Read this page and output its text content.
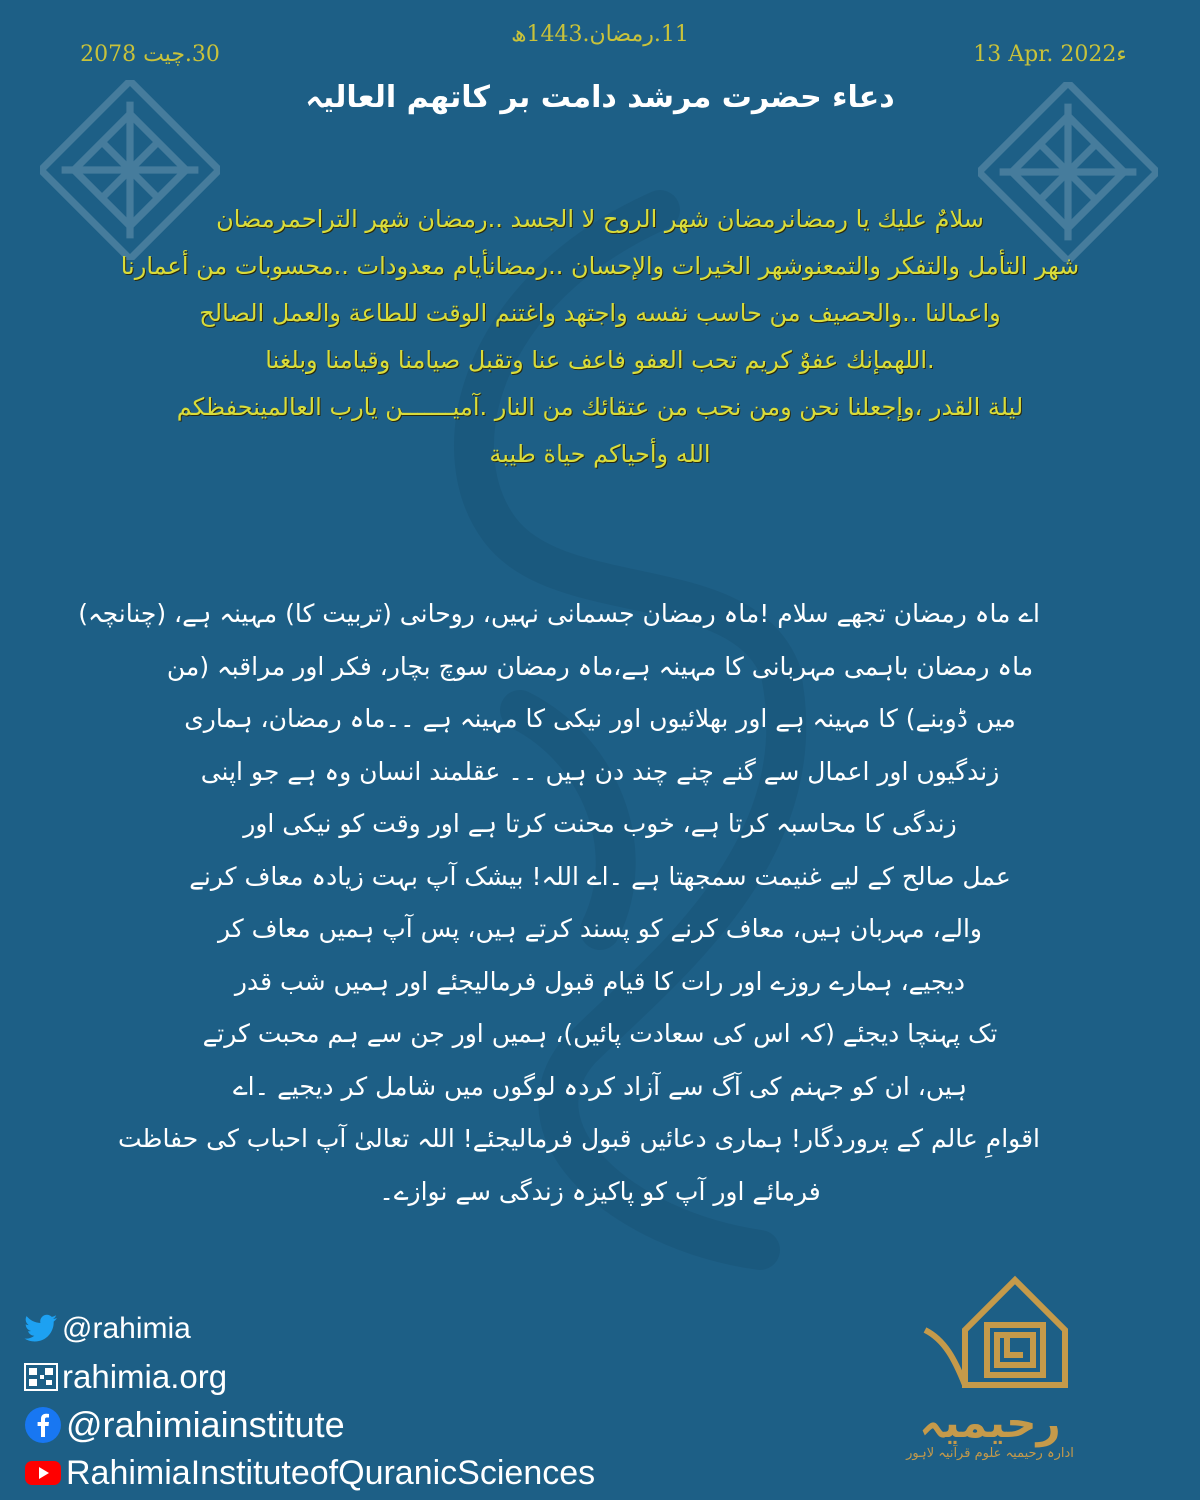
11.رمضان.1443ھ
13 Apr. 2022ء
30.چیت 2078
دعاء حضرت مرشد دامت بر کاتھم العالیہ
سلامٌ عليك يا رمضانرمضان شهر الروح لا الجسد ..رمضان شهر التراحمرمضان
شهر التأمل والتفكر والتمعنوشهر الخيرات والإحسان ..رمضانأيام معدودات ..محسوبات من أعمارنا
واعمالنا ..والحصيف من حاسب نفسه واجتهد واغتنم الوقت للطاعة والعمل الصالح
.اللهمإنك عفوٌ كريم تحب العفو فاعف عنا وتقبل صيامنا وقيامنا وبلغنا
ليلة القدر ،وإجعلنا نحن ومن نحب من عتقائك من النار .آميـــــــن يارب العالمينحفظكم
الله وأحياكم حياة طيبة
اے ماہ رمضان تجھے سلام !ماہ رمضان جسمانی نہیں، روحانی (تربیت کا) مہینہ ہے، (چنانچہ)
ماہ رمضان باہمی مہربانی کا مہینہ ہے،ماہ رمضان سوچ بچار، فکر اور مراقبہ (من
میں ڈوبنے) کا مہینہ ہے اور بھلائیوں اور نیکی کا مہینہ ہے ۔۔ماہ رمضان، ہماری
زندگیوں اور اعمال سے گنے چنے چند دن ہیں ۔۔ عقلمند انسان وہ ہے جو اپنی
زندگی کا محاسبہ کرتا ہے، خوب محنت کرتا ہے اور وقت کو نیکی اور
عمل صالح کے لیے غنیمت سمجھتا ہے ۔اے اللہ! بیشک آپ بہت زیادہ معاف کرنے
والے، مہربان ہیں، معاف کرنے کو پسند کرتے ہیں، پس آپ ہمیں معاف کر
دیجیے، ہمارے روزے اور رات کا قیام قبول فرمالیجئے اور ہمیں شب قدر
تک پہنچا دیجئے (کہ اس کی سعادت پائیں)، ہمیں اور جن سے ہم محبت کرتے
ہیں، ان کو جہنم کی آگ سے آزاد کردہ لوگوں میں شامل کر دیجیے ۔اے
اقوامِ عالم کے پروردگار! ہماری دعائیں قبول فرمالیجئے! اللہ تعالیٰ آپ احباب کی حفاظت
فرمائے اور آپ کو پاکیزہ زندگی سے نوازے۔
@rahimia
rahimia.org
@rahimiainstitute
RahimiaInstituteofQuranicSciences
رحیمیہ
ادارہ رحیمیہ علوم قرآنیہ لاہور
